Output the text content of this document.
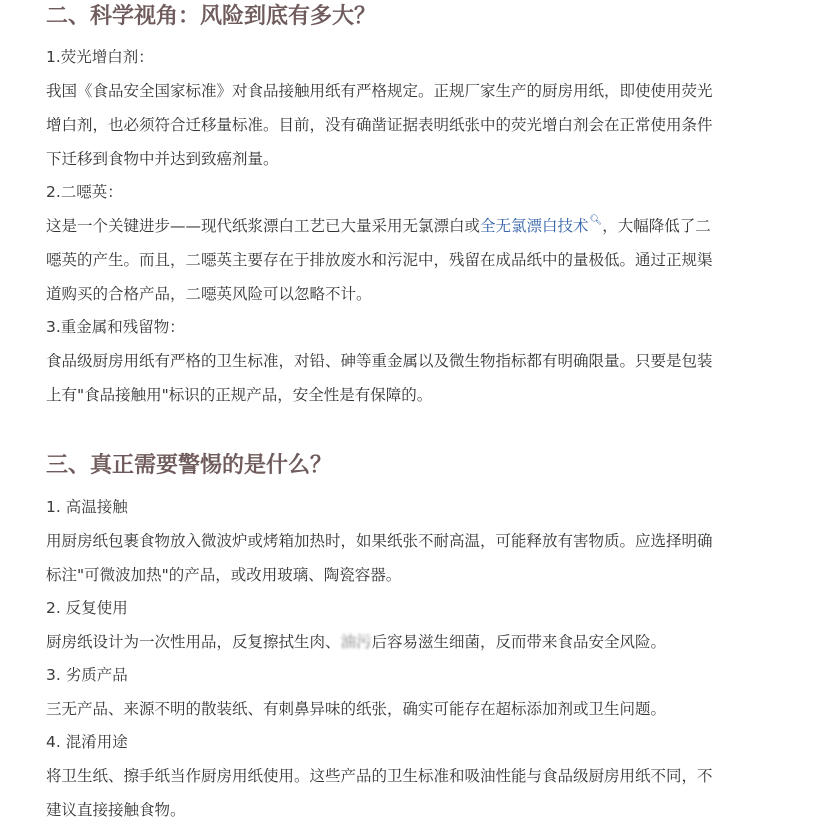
二、科学视角：风险到底有多大？
1.荧光增白剂：
我国《食品安全国家标准》对食品接触用纸有严格规定。正规厂家生产的厨房用纸，即使使用荧光
增白剂，也必须符合迁移量标准。目前，没有确凿证据表明纸张中的荧光增白剂会在正常使用条件
下迁移到食物中并达到致癌剂量。
2.二噁英：
这是一个关键进步——现代纸浆漂白工艺已大量采用无氯漂白或全无氯漂白技术🔍︎，大幅降低了二
噁英的产生。而且，二噁英主要存在于排放废水和污泥中，残留在成品纸中的量极低。通过正规渠
道购买的合格产品，二噁英风险可以忽略不计。
3.重金属和残留物：
食品级厨房用纸有严格的卫生标准，对铅、砷等重金属以及微生物指标都有明确限量。只要是包装
上有"食品接触用"标识的正规产品，安全性是有保障的。
三、真正需要警惕的是什么？
1. 高温接触
用厨房纸包裹食物放入微波炉或烤箱加热时，如果纸张不耐高温，可能释放有害物质。应选择明确
标注"可微波加热"的产品，或改用玻璃、陶瓷容器。
2. 反复使用
厨房纸设计为一次性用品，反复擦拭生肉、油污后容易滋生细菌，反而带来食品安全风险。
3. 劣质产品
三无产品、来源不明的散装纸、有刺鼻异味的纸张，确实可能存在超标添加剂或卫生问题。
4. 混淆用途
将卫生纸、擦手纸当作厨房用纸使用。这些产品的卫生标准和吸油性能与食品级厨房用纸不同，不
建议直接接触食物。
